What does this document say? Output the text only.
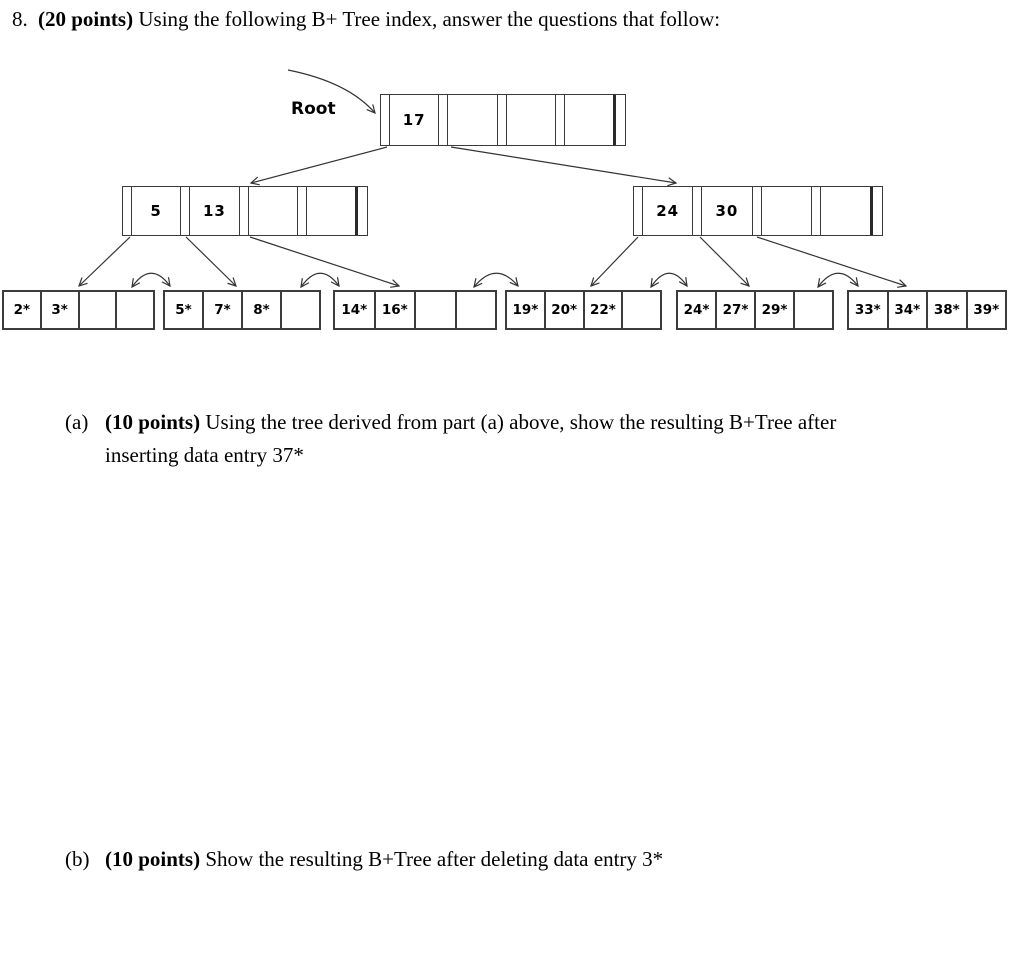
8. (20 points) Using the following B+ Tree index, answer the questions that follow:
Root
17
5	13	24	30
2*	3*	5*	7*	8*	14*	16*	19* 20* 22*	24* 27* 29*	33*	34*	38*	39*
(a) (10 points) Using the tree derived from part (a) above, show the resulting B+Tree after
inserting data entry 37*
(b) (10 points) Show the resulting B+Tree after deleting data entry 3*
